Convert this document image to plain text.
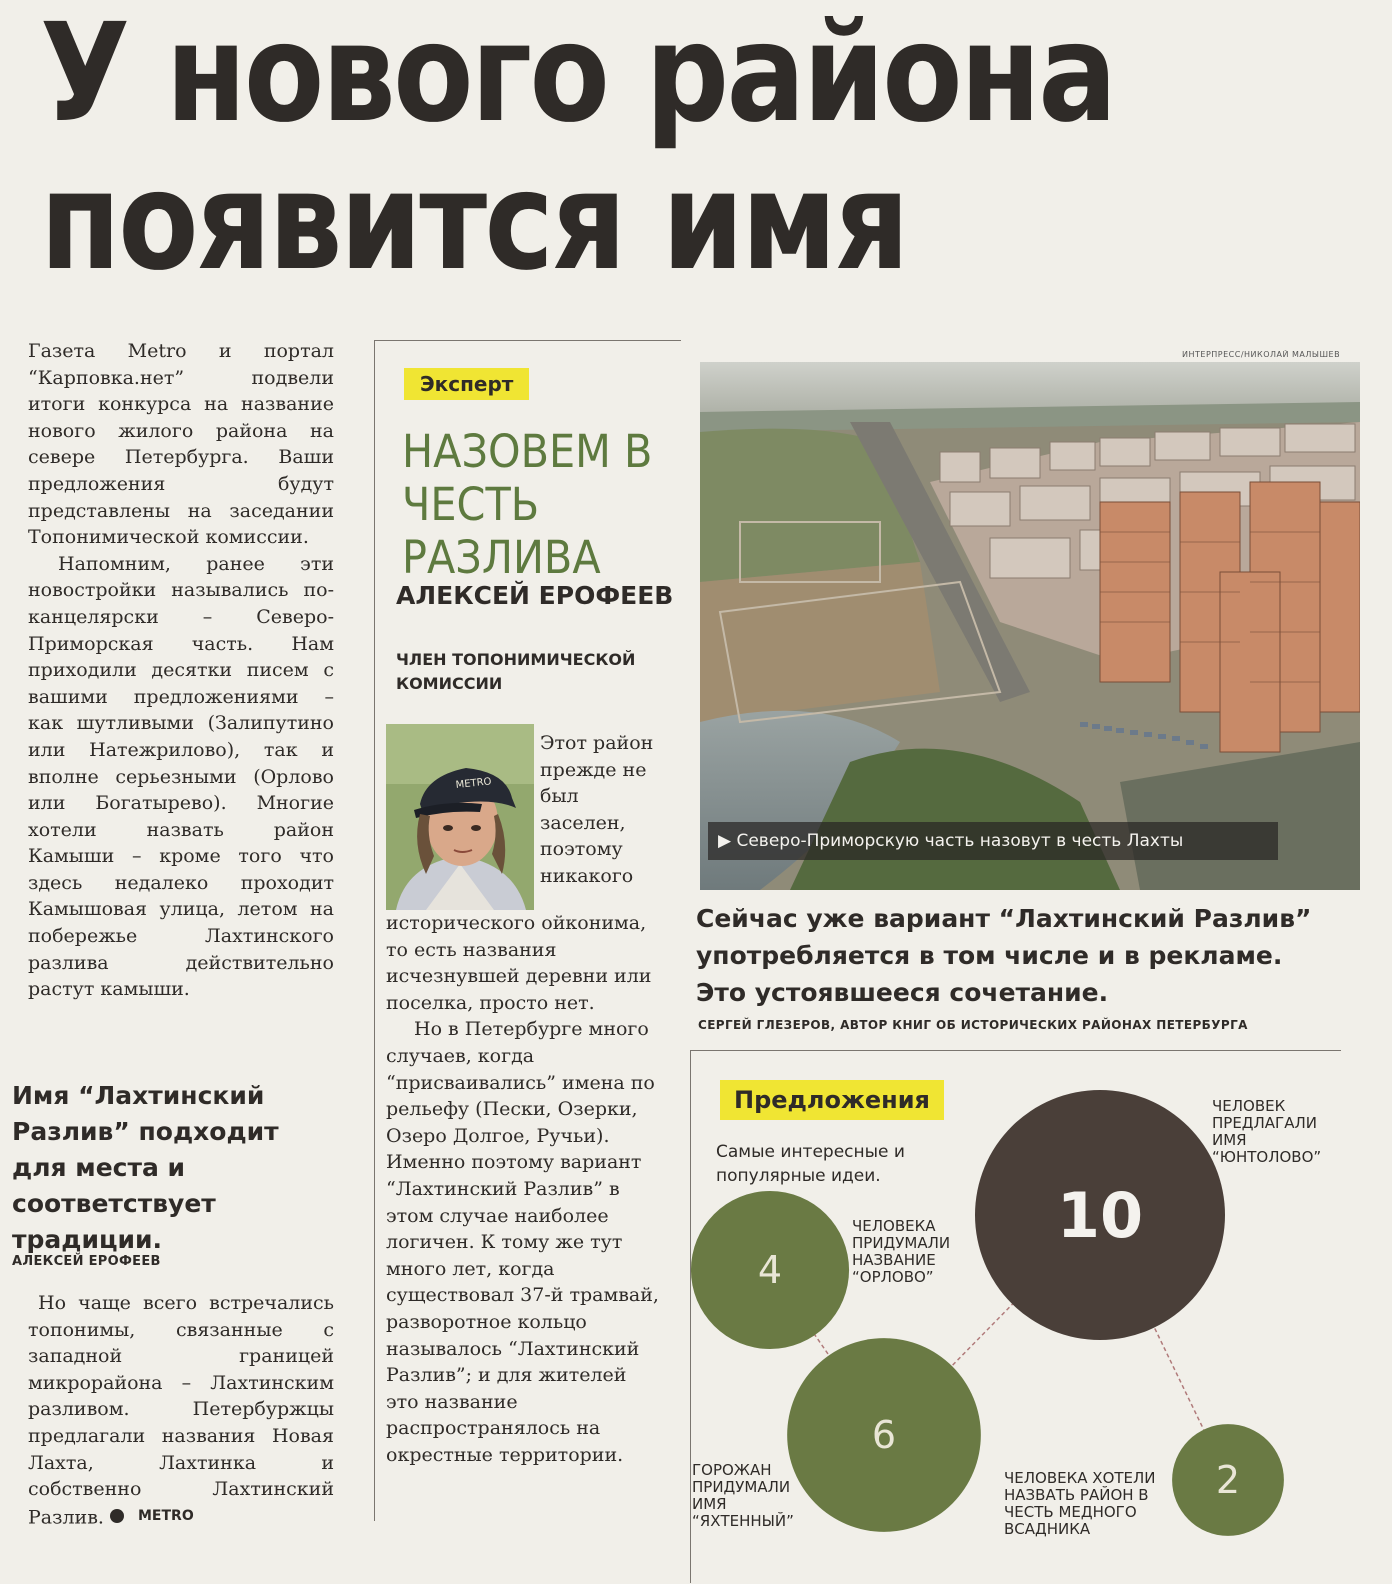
У нового района
появится имя

Газета Metro и портал “Карповка.нет” подвели итоги конкурса на название нового жилого района на севере Петербурга. Ваши предложения будут представлены на заседании Топонимической комиссии.

Напомним, ранее эти новостройки назывались по-канцелярски – Северо-Приморская часть. Нам приходили десятки писем с вашими предложениями – как шутливыми (Залипутино или Натежрилово), так и вполне серьезными (Орлово или Богатырево). Многие хотели назвать район Камыши – кроме того что здесь недалеко проходит Камышовая улица, летом на побережье Лахтинского разлива действительно растут камыши.

Имя “Лахтинский Разлив” подходит для места и соответствует традиции.
АЛЕКСЕЙ ЕРОФЕЕВ

Но чаще всего встречались топонимы, связанные с западной границей микрорайона – Лахтинским разливом. Петербуржцы предлагали названия Новая Лахта, Лахтинка и собственно Лахтинский Разлив.	METRO

Эксперт
НАЗОВЕМ В ЧЕСТЬ РАЗЛИВА
АЛЕКСЕЙ ЕРОФЕЕВ
ЧЛЕН ТОПОНИМИЧЕСКОЙ КОМИССИИ
METRO

Этот район прежде не был заселен, поэтому никакого исторического ойконима, то есть названия исчезнувшей деревни или поселка, просто нет.

Но в Петербурге много случаев, когда “присваивались” имена по рельефу (Пески, Озерки, Озеро Долгое, Ручьи). Именно поэтому вариант “Лахтинский Разлив” в этом случае наиболее логичен. К тому же тут много лет, когда существовал 37-й трамвай, разворотное кольцо называлось “Лахтинский Разлив”; и для жителей это название распространялось на окрестные территории.

ИНТЕРПРЕСС/НИКОЛАЙ МАЛЫШЕВ
▶ Северо-Приморскую часть назовут в честь Лахты
Сейчас уже вариант “Лахтинский Разлив” употребляется в том числе и в рекламе. Это устоявшееся сочетание.
СЕРГЕЙ ГЛЕЗЕРОВ, АВТОР КНИГ ОБ ИСТОРИЧЕСКИХ РАЙОНАХ ПЕТЕРБУРГА
Предложения
Самые интересные и популярные идеи.
10
4
6
2
ЧЕЛОВЕК ПРЕДЛАГАЛИ ИМЯ “ЮНТОЛОВО”
ЧЕЛОВЕКА ПРИДУМАЛИ НАЗВАНИЕ “ОРЛОВО”
ГОРОЖАН ПРИДУМАЛИ ИМЯ “ЯХТЕННЫЙ”
ЧЕЛОВЕКА ХОТЕЛИ НАЗВАТЬ РАЙОН В ЧЕСТЬ МЕДНОГО ВСАДНИКА
